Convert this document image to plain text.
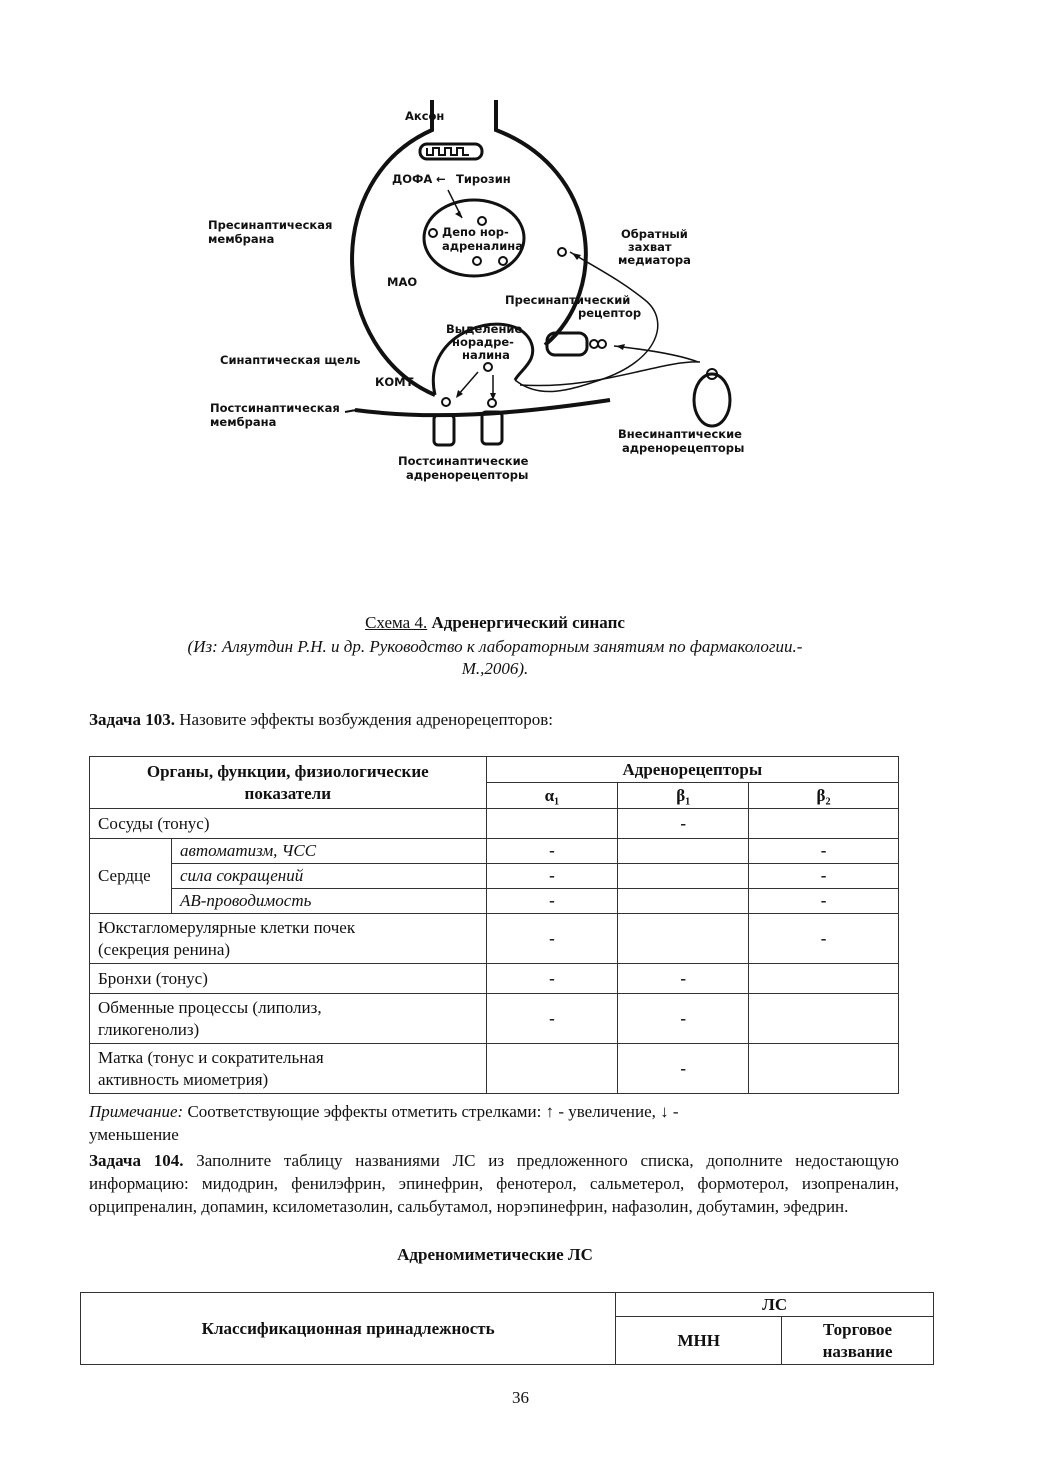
Аксон
ДОФА ← Тирозин
Депо нор-
адреналина
Пресинаптическая
мембрана
МАО
Обратный
захват
медиатора
Пресинаптический
рецептор
Выделение
норадре-
налина
Синаптическая щель
КОМТ
Постсинаптическая
мембрана
Постсинаптические
адренорецепторы
Внесинаптические
адренорецепторы
Схема 4. Адренергический синапс
(Из: Аляутдин Р.Н. и др. Руководство к лабораторным занятиям по фармакологии.-
М.,2006).
Задача 103. Назовите эффекты возбуждения адренорецепторов:
Органы, функции, физиологические
показатели		Адренорецепторы		
		α₁	β₁	β₂
Сосуды (тонус)			-	
Сердце	автоматизм, ЧСС	-		-
	сила сокращений	-		-
	АВ-проводимость	-		-
Юкстагломерулярные клетки почек
(секреция ренина)		-		-
Бронхи (тонус)		-	-	
Обменные процессы (липолиз,
гликогенолиз)		-	-	
Матка (тонус и сократительная
активность миометрия)			-	
Примечание: Соответствующие эффекты отметить стрелками: ↑ - увеличение, ↓ -
уменьшение
Задача 104. Заполните таблицу названиями ЛС из предложенного списка, дополните недостающую информацию: мидодрин, фенилэфрин, эпинефрин, фенотерол, сальметерол, формотерол, изопреналин, орципреналин, допамин, ксилометазолин, сальбутамол, норэпинефрин, нафазолин, добутамин, эфедрин.
Адреномиметические ЛС
Классификационная принадлежность	ЛС	
	МНН	Торговое
название
36
